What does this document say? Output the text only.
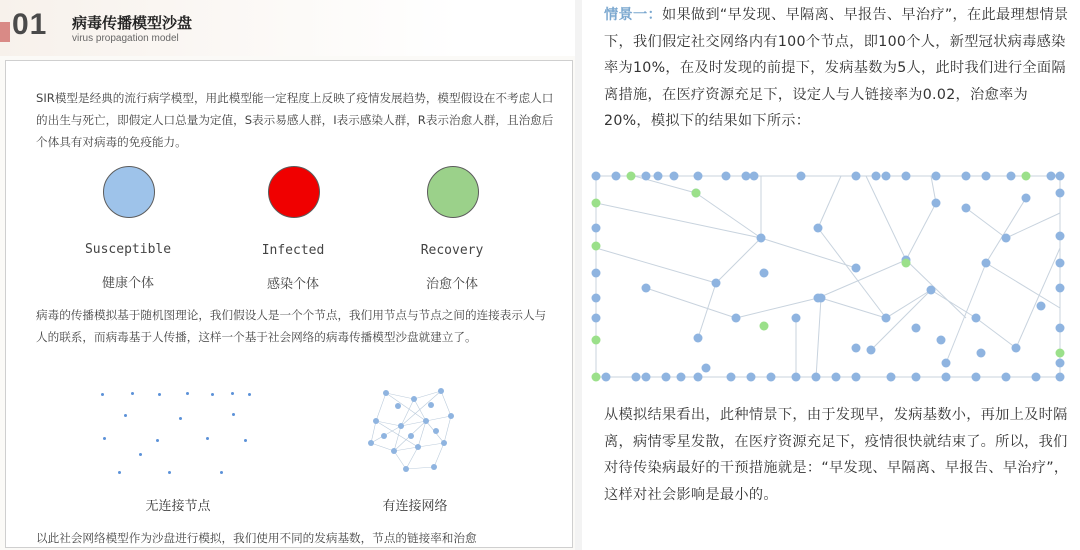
01 病毒传播模型沙盘
virus propagation model
SIR模型是经典的流行病学模型，用此模型能一定程度上反映了疫情发展趋势，模型假设在不考虑人口的出生与死亡，即假定人口总量为定值，S表示易感人群，I表示感染人群，R表示治愈人群，且治愈后个体具有对病毒的免疫能力。
Susceptible	Infected	Recovery
健康个体	感染个体	治愈个体
病毒的传播模拟基于随机图理论，我们假设人是一个个节点，我们用节点与节点之间的连接表示人与人的联系，而病毒基于人传播，这样一个基于社会网络的病毒传播模型沙盘就建立了。
无连接节点	有连接网络
以此社会网络模型作为沙盘进行模拟，我们使用不同的发病基数，节点的链接率和治愈
情景一：如果做到“早发现、早隔离、早报告、早治疗”，在此最理想情景下，我们假定社交网络内有100个节点，即100个人，新型冠状病毒感染率为10%，在及时发现的前提下，发病基数为5人，此时我们进行全面隔离措施，在医疗资源充足下，设定人与人链接率为0.02，治愈率为20%，模拟下的结果如下所示：
从模拟结果看出，此种情景下，由于发现早，发病基数小，再加上及时隔离，病情零星发散，在医疗资源充足下，疫情很快就结束了。所以，我们对待传染病最好的干预措施就是：“早发现、早隔离、早报告、早治疗”，这样对社会影响是最小的。
